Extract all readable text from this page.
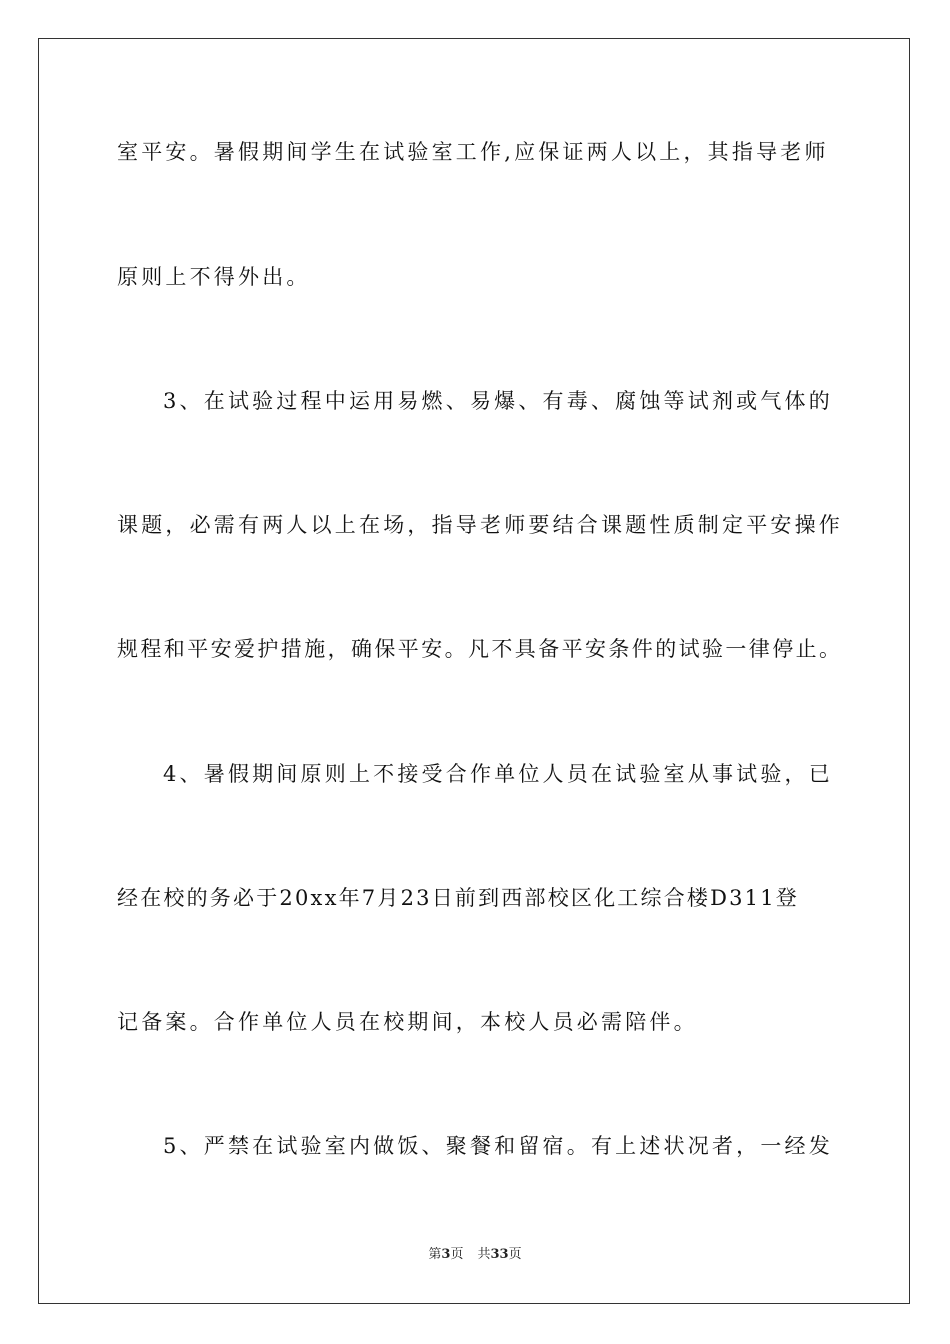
室平安。暑假期间学生在试验室工作,应保证两人以上，其指导老师
原则上不得外出。
3、在试验过程中运用易燃、易爆、有毒、腐蚀等试剂或气体的
课题，必需有两人以上在场，指导老师要结合课题性质制定平安操作
规程和平安爱护措施，确保平安。凡不具备平安条件的试验一律停止。
4、暑假期间原则上不接受合作单位人员在试验室从事试验，已
经在校的务必于20xx年7月23日前到西部校区化工综合楼D311登
记备案。合作单位人员在校期间，本校人员必需陪伴。
5、严禁在试验室内做饭、聚餐和留宿。有上述状况者，一经发
第3页 共33页
